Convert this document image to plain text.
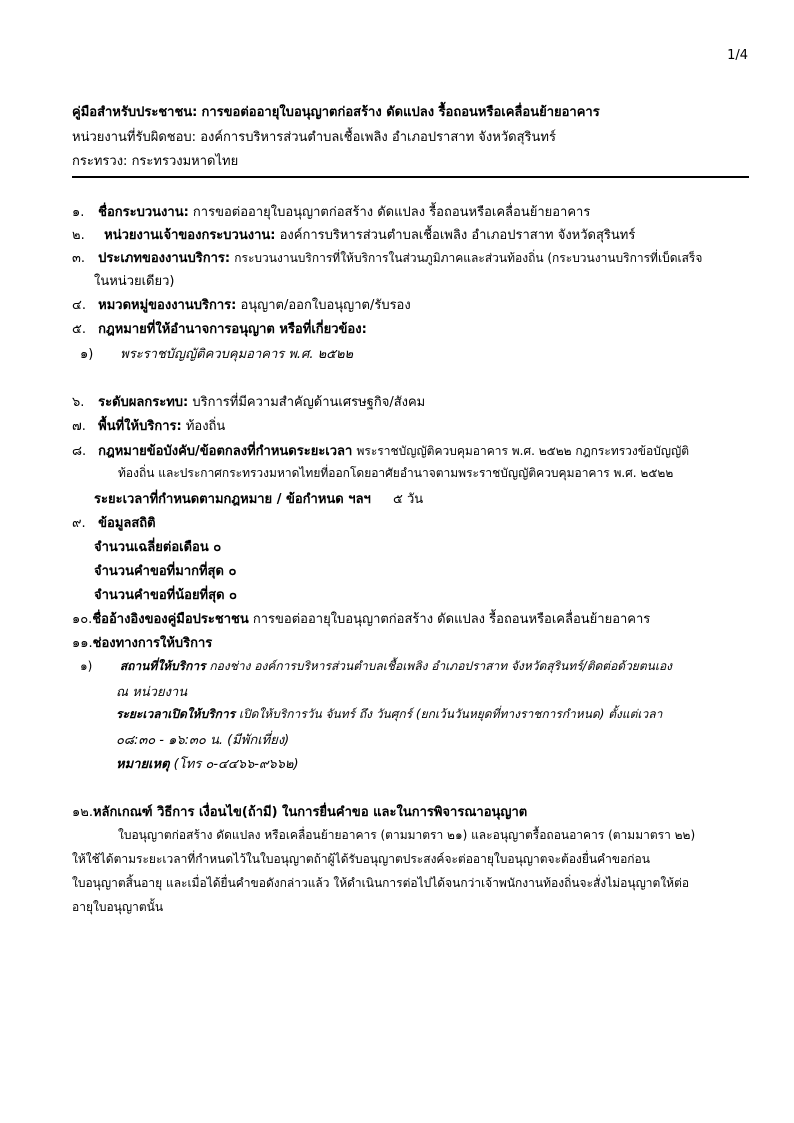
1/4
คู่มือสำหรับประชาชน: การขอต่ออายุใบอนุญาตก่อสร้าง ดัดแปลง รื้อถอนหรือเคลื่อนย้ายอาคาร
หน่วยงานที่รับผิดชอบ: องค์การบริหารส่วนตำบลเชื้อเพลิง อำเภอปราสาท จังหวัดสุรินทร์
กระทรวง: กระทรวงมหาดไทย
๑. ชื่อกระบวนงาน: การขอต่ออายุใบอนุญาตก่อสร้าง ดัดแปลง รื้อถอนหรือเคลื่อนย้ายอาคาร
๒. หน่วยงานเจ้าของกระบวนงาน: องค์การบริหารส่วนตำบลเชื้อเพลิง อำเภอปราสาท จังหวัดสุรินทร์
๓. ประเภทของงานบริการ: กระบวนงานบริการที่ให้บริการในส่วนภูมิภาคและส่วนท้องถิ่น (กระบวนงานบริการที่เบ็ดเสร็จ
ในหน่วยเดียว)
๔. หมวดหมู่ของงานบริการ: อนุญาต/ออกใบอนุญาต/รับรอง
๕. กฎหมายที่ให้อำนาจการอนุญาต หรือที่เกี่ยวข้อง:
๑) พระราชบัญญัติควบคุมอาคาร พ.ศ. ๒๕๒๒
๖. ระดับผลกระทบ: บริการที่มีความสำคัญด้านเศรษฐกิจ/สังคม
๗. พื้นที่ให้บริการ: ท้องถิ่น
๘. กฎหมายข้อบังคับ/ข้อตกลงที่กำหนดระยะเวลา พระราชบัญญัติควบคุมอาคาร พ.ศ. ๒๕๒๒ กฎกระทรวงข้อบัญญัติ
ท้องถิ่น และประกาศกระทรวงมหาดไทยที่ออกโดยอาศัยอำนาจตามพระราชบัญญัติควบคุมอาคาร พ.ศ. ๒๕๒๒
ระยะเวลาที่กำหนดตามกฎหมาย / ข้อกำหนด ฯลฯ ๕ วัน
๙. ข้อมูลสถิติ
จำนวนเฉลี่ยต่อเดือน ๐
จำนวนคำขอที่มากที่สุด ๐
จำนวนคำขอที่น้อยที่สุด ๐
๑๐.ชื่ออ้างอิงของคู่มือประชาชน การขอต่ออายุใบอนุญาตก่อสร้าง ดัดแปลง รื้อถอนหรือเคลื่อนย้ายอาคาร
๑๑.ช่องทางการให้บริการ
๑) สถานที่ให้บริการ กองช่าง องค์การบริหารส่วนตำบลเชื้อเพลิง อำเภอปราสาท จังหวัดสุรินทร์/ติดต่อด้วยตนเอง
ณ หน่วยงาน
ระยะเวลาเปิดให้บริการ เปิดให้บริการวัน จันทร์ ถึง วันศุกร์ (ยกเว้นวันหยุดที่ทางราชการกำหนด) ตั้งแต่เวลา
๐๘:๓๐ - ๑๖:๓๐ น. (มีพักเที่ยง)
หมายเหตุ (โทร ๐-๔๔๖๖-๙๖๖๒)
๑๒.หลักเกณฑ์ วิธีการ เงื่อนไข(ถ้ามี) ในการยื่นคำขอ และในการพิจารณาอนุญาต
ใบอนุญาตก่อสร้าง ดัดแปลง หรือเคลื่อนย้ายอาคาร (ตามมาตรา ๒๑) และอนุญาตรื้อถอนอาคาร (ตามมาตรา ๒๒)
ให้ใช้ได้ตามระยะเวลาที่กำหนดไว้ในใบอนุญาตถ้าผู้ได้รับอนุญาตประสงค์จะต่ออายุใบอนุญาตจะต้องยื่นคำขอก่อน
ใบอนุญาตสิ้นอายุ และเมื่อได้ยื่นคำขอดังกล่าวแล้ว ให้ดำเนินการต่อไปได้จนกว่าเจ้าพนักงานท้องถิ่นจะสั่งไม่อนุญาตให้ต่อ
อายุใบอนุญาตนั้น
